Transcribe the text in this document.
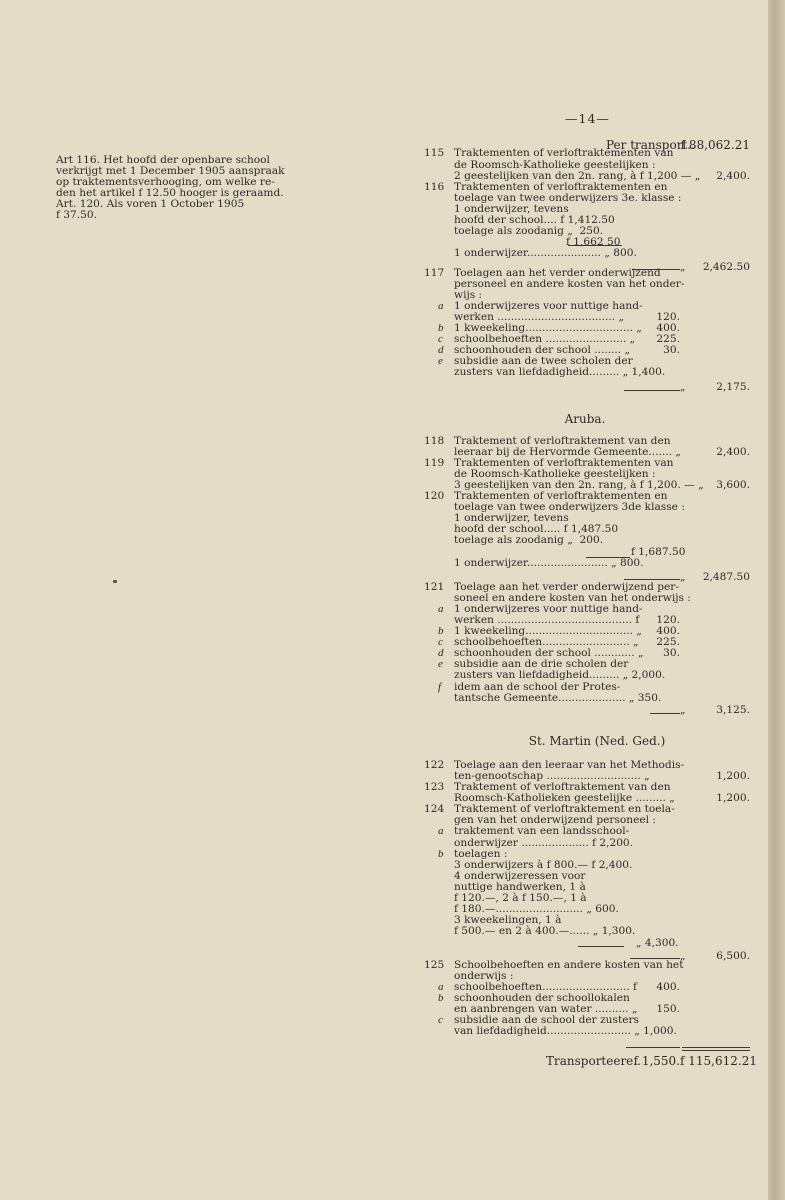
—14—
Art 116. Het hoofd der openbare school
verkrijgt met 1 December 1905 aanspraak
op traktementsverhooging, om welke re-
den het artikel f 12.50 hooger is geraamd.
Art. 120. Als voren 1 October 1905
f 37.50.
Per transport..
f 88,062.21
115 Traktementen of verloftraktementen van
de Roomsch-Katholieke geestelijken :
2 geestelijken van den 2n. rang, à f 1,200 — „	2,400.
116 Traktementen of verloftraktementen en
toelage van twee onderwijzers 3e. klasse :
1 onderwijzer, tevens
hoofd der school.... f 1,412.50
toelage als zoodanig „  250.
f 1,662 50
1 onderwijzer...................... „ 800.
„	2,462.50
117 Toelagen aan het verder onderwijzend
personeel en andere kosten van het onder-
wijs :
a 1 onderwijzeres voor nuttige hand-
werken ................................... „	120.
b 1 kweekeling................................ „	400.
c schoolbehoeften ........................ „	225.
d schoonhouden der school ........ „	30.
e subsidie aan de twee scholen der
zusters van liefdadigheid......... „ 1,400.
„	2,175.
Aruba.
118 Traktement of verloftraktement van den
leeraar bij de Hervormde Gemeente....... „	2,400.
119 Traktementen of verloftraktementen van
de Roomsch-Katholieke geestelijken :
3 geestelijken van den 2n. rang, à f 1,200. — „	3,600.
120 Traktementen of verloftraktementen en
toelage van twee onderwijzers 3de klasse :
1 onderwijzer, tevens
hoofd der school..... f 1,487.50
toelage als zoodanig „  200.
f 1,687.50
1 onderwijzer........................ „ 800.
„	2,487.50
121 Toelage aan het verder onderwijzend per-
soneel en andere kosten van het onderwijs :
a 1 onderwijzeres voor nuttige hand-
werken ........................................ f	120.
b 1 kweekeling................................ „	400.
c schoolbehoeften.......................... „	225.
d schoonhouden der school ............ „	30.
e subsidie aan de drie scholen der
zusters van liefdadigheid......... „ 2,000.
f idem aan de school der Protes-
tantsche Gemeente.................... „ 350.
„	3,125.
St. Martin (Ned. Ged.)
122 Toelage aan den leeraar van het Methodis-
ten-genootschap ............................ „	1,200.
123 Traktement of verloftraktement van den
Roomsch-Katholieken geestelijke ......... „	1,200.
124 Traktement of verloftraktement en toela-
gen van het onderwijzend personeel :
a traktement van een landsschool-
onderwijzer .................... f 2,200.
b toelagen :
3 onderwijzers à f 800.— f 2,400.
4 onderwijzeressen voor
nuttige handwerken, 1 à
f 120.—, 2 à f 150.—, 1 à
f 180.—.......................... „ 600.
3 kweekelingen, 1 à
f 500.— en 2 à 400.—...... „ 1,300.
„ 4,300.
„	6,500.
125 Schoolbehoeften en andere kosten van het
onderwijs :
a schoolbehoeften.......................... f	400.
b schoonhouden der schoollokalen
en aanbrengen van water .......... „	150.
c subsidie aan de school der zusters
van liefdadigheid......................... „ 1,000.
Transporteere..
f 1,550. f 115,612.21
